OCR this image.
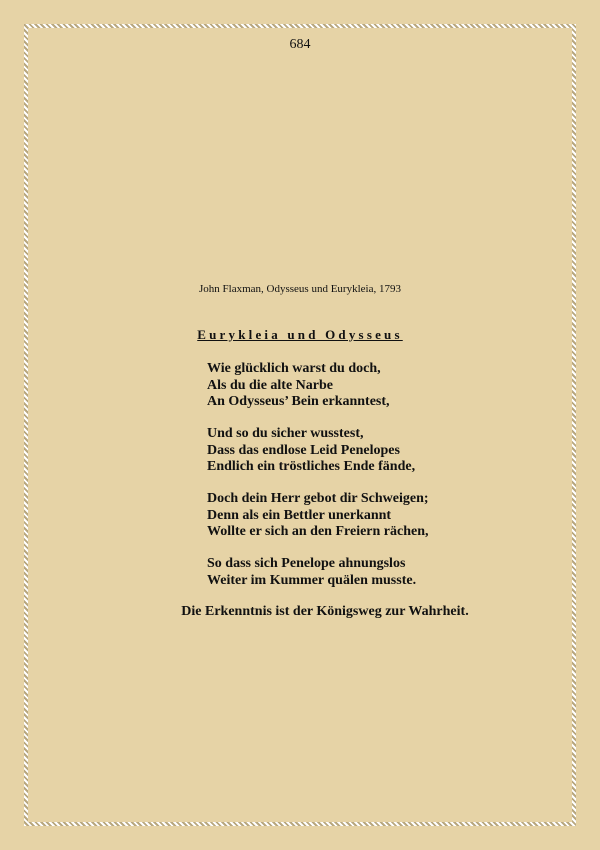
684
John Flaxman, Odysseus und Eurykleia, 1793
Eurykleia und Odysseus
Wie glücklich warst du doch,
Als du die alte Narbe
An Odysseus’ Bein erkanntest,
Und so du sicher wusstest,
Dass das endlose Leid Penelopes
Endlich ein tröstliches Ende fände,
Doch dein Herr gebot dir Schweigen;
Denn als ein Bettler unerkannt
Wollte er sich an den Freiern rächen,
So dass sich Penelope ahnungslos
Weiter im Kummer quälen musste.
Die Erkenntnis ist der Königsweg zur Wahrheit.
